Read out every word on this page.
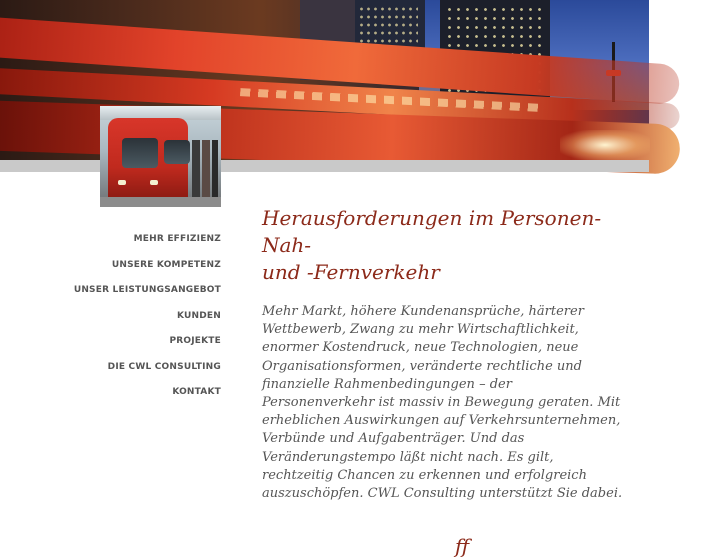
MEHR EFFIZIENZ
UNSERE KOMPETENZ
UNSER LEISTUNGSANGEBOT
KUNDEN
PROJEKTE
DIE CWL CONSULTING
KONTAKT
Herausforderungen im Personen-
Nah-
und -Fernverkehr

Mehr Markt, höhere Kundenansprüche, härterer
Wettbewerb, Zwang zu mehr Wirtschaftlichkeit,
enormer Kostendruck, neue Technologien, neue
Organisationsformen, veränderte rechtliche und
finanzielle Rahmenbedingungen – der
Personenverkehr ist massiv in Bewegung geraten. Mit
erheblichen Auswirkungen auf Verkehrsunternehmen,
Verbünde und Aufgabenträger. Und das
Veränderungstempo läßt nicht nach. Es gilt,
rechtzeitig Chancen zu erkennen und erfolgreich
auszuschöpfen. CWL Consulting unterstützt Sie dabei.

ff
